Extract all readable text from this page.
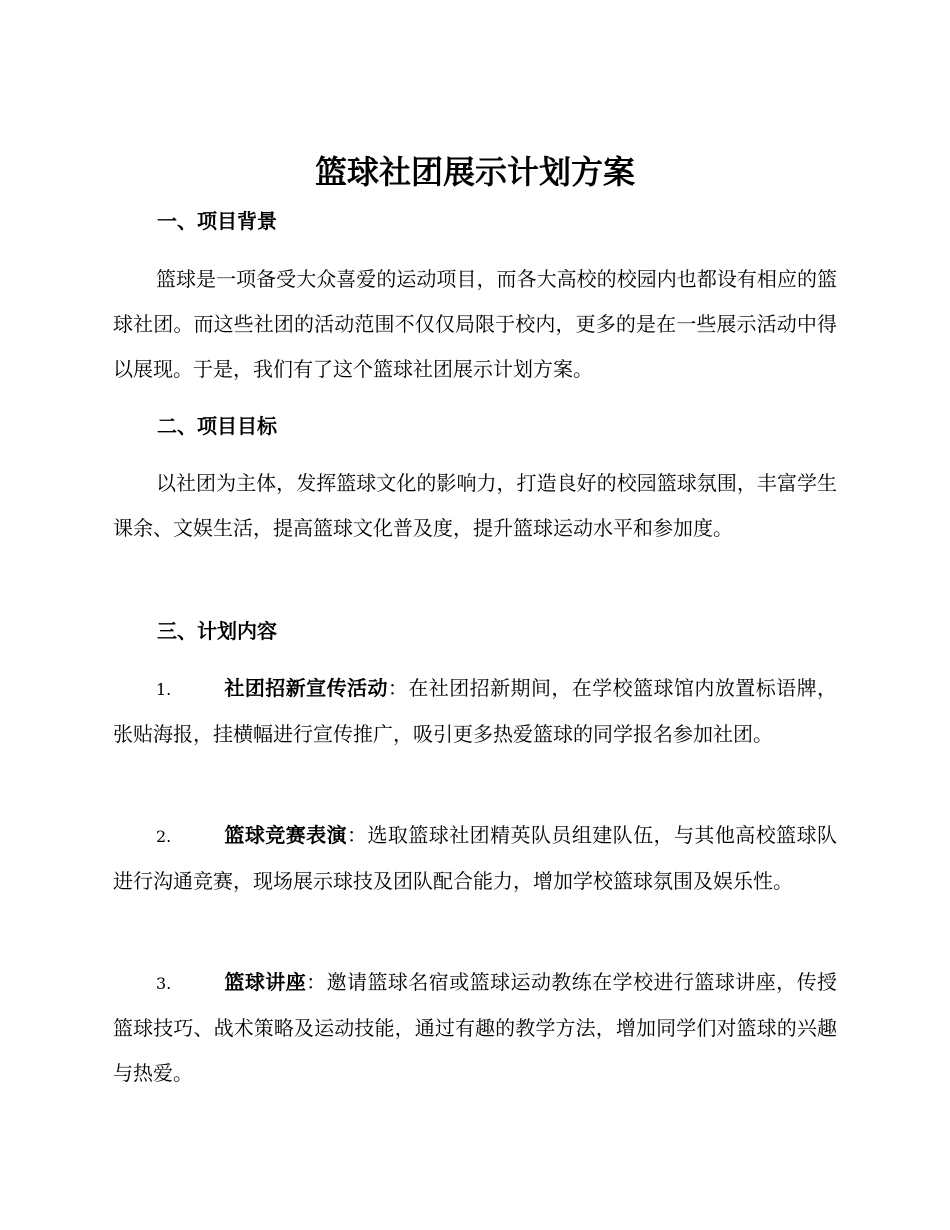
篮球社团展示计划方案
一、项目背景

篮球是一项备受大众喜爱的运动项目，而各大高校的校园内也都设有相应的篮球社团。而这些社团的活动范围不仅仅局限于校内，更多的是在一些展示活动中得以展现。于是，我们有了这个篮球社团展示计划方案。

二、项目目标

以社团为主体，发挥篮球文化的影响力，打造良好的校园篮球氛围，丰富学生课余、文娱生活，提高篮球文化普及度，提升篮球运动水平和参加度。

三、计划内容

1.	社团招新宣传活动：在社团招新期间，在学校篮球馆内放置标语牌，张贴海报，挂横幅进行宣传推广，吸引更多热爱篮球的同学报名参加社团。

2.	篮球竞赛表演：选取篮球社团精英队员组建队伍，与其他高校篮球队进行沟通竞赛，现场展示球技及团队配合能力，增加学校篮球氛围及娱乐性。

3.	篮球讲座：邀请篮球名宿或篮球运动教练在学校进行篮球讲座，传授篮球技巧、战术策略及运动技能，通过有趣的教学方法，增加同学们对篮球的兴趣与热爱。
